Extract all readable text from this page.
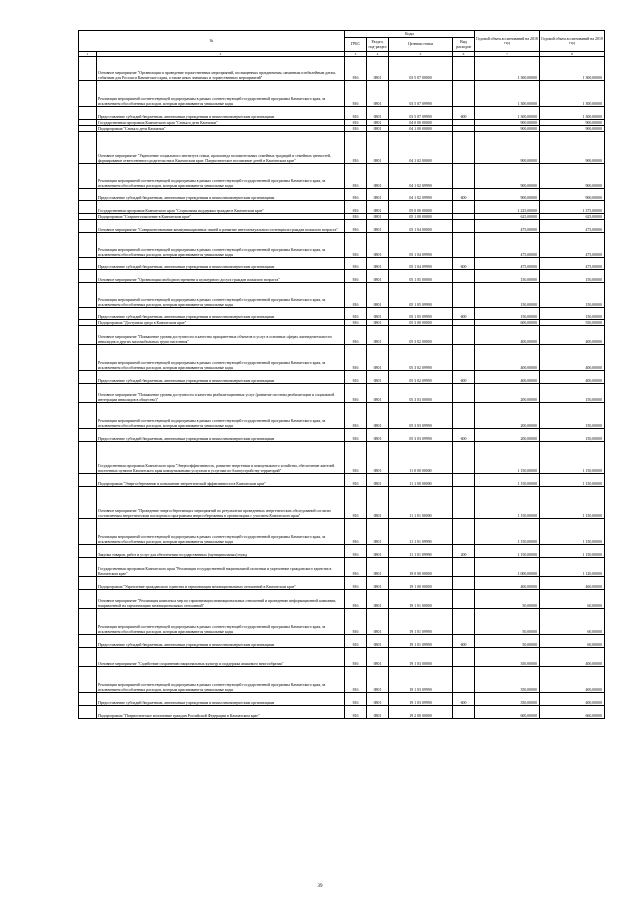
№		Коды				Годовой объем ассигнований на 2018 год	Годовой объем ассигнований на 2019 год
		ГРБС	Раздел, под-раздел	Целевая статья	Вид расходов		
1	2	3	4	5	6	7	8
	Основное мероприятие "Организация и проведение торжественных мероприятий, посвященных праздничным, памятным и юбилейным датам, событиям для России и Камчатского края, а также иных значимых и торжественных мероприятий"	816	0801	03 5 07 00000		1 300,00000	1 300,00000
	Реализация мероприятий соответствующей подпрограммы в рамках соответствующей государственной программы Камчатского края, за исключением обособленных расходов, которым присваиваются уникальные коды	816	0801	03 5 07 09990		1 300,00000	1 300,00000
	Предоставление субсидий бюджетным, автономным учреждениям и иным некоммерческим организациям	816	0801	03 5 07 09990	600	1 300,00000	1 300,00000
	Государственная программа Камчатского края "Семья и дети Камчатки"	816	0801	04 0 00 00000		900,00000	900,00000
	Подпрограмма "Семья и дети Камчатки"	816	0801	04 1 00 00000		900,00000	900,00000
	Основное мероприятие "Укрепление социального института семьи, пропаганда положительных семейных традиций и семейных ценностей, формирование ответственного родительства в Камчатском крае. Патриотическое воспитание детей в Камчатском крае"	816	0801	04 1 02 00000		900,00000	900,00000
	Реализация мероприятий соответствующей подпрограммы в рамках соответствующей государственной программы Камчатского края, за исключением обособленных расходов, которым присваиваются уникальные коды	816	0801	04 1 02 09990		900,00000	900,00000
	Предоставление субсидий бюджетным, автономным учреждениям и иным некоммерческим организациям	816	0801	04 1 02 09990	600	900,00000	900,00000
	Государственная программа Камчатского края "Социальная поддержка граждан в Камчатском крае"	816	0801	05 0 00 00000		1 225,00000	1 375,00000
	Подпрограмма "Старшее поколение в Камчатском крае"	816	0801	05 1 00 00000		625,00000	625,00000
	Основное мероприятие "Совершенствование коммуникационных связей и развитие интеллектуального потенциала граждан пожилого возраста"	816	0801	05 1 04 00000		475,00000	475,00000
	Реализация мероприятий соответствующей подпрограммы в рамках соответствующей государственной программы Камчатского края, за исключением обособленных расходов, которым присваиваются уникальные коды	816	0801	05 1 04 09990		475,00000	475,00000
	Предоставление субсидий бюджетным, автономным учреждениям и иным некоммерческим организациям	816	0801	05 1 04 09990	600	475,00000	475,00000
	Основное мероприятие "Организация свободного времени и культурного досуга граждан пожилого возраста"	816	0801	05 1 05 00000		150,00000	150,00000
	Реализация мероприятий соответствующей подпрограммы в рамках соответствующей государственной программы Камчатского края, за исключением обособленных расходов, которым присваиваются уникальные коды	816	0801	05 1 05 09990		150,00000	150,00000
	Предоставление субсидий бюджетным, автономным учреждениям и иным некоммерческим организациям	816	0801	05 1 05 09990	600	150,00000	150,00000
	Подпрограмма "Доступная среда в Камчатском крае"	816	0801	05 3 00 00000		600,00000	550,00000
	Основное мероприятие "Повышение уровня доступности и качества приоритетных объектов и услуг в основных сферах жизнедеятельности инвалидов и других маломобильных групп населения"	816	0801	05 3 02 00000		400,00000	400,00000
	Реализация мероприятий соответствующей подпрограммы в рамках соответствующей государственной программы Камчатского края, за исключением обособленных расходов, которым присваиваются уникальные коды	816	0801	05 3 02 09990		400,00000	400,00000
	Предоставление субсидий бюджетным, автономным учреждениям и иным некоммерческим организациям	816	0801	05 3 02 09990	600	400,00000	400,00000
	Основное мероприятие "Повышение уровня доступности и качества реабилитационных услуг (развитие системы реабилитации и социальной интеграции инвалидов в общество)"	816	0801	05 3 03 00000		200,00000	150,00000
	Реализация мероприятий соответствующей подпрограммы в рамках соответствующей государственной программы Камчатского края, за исключением обособленных расходов, которым присваиваются уникальные коды	816	0801	05 3 03 09990		200,00000	150,00000
	Предоставление субсидий бюджетным, автономным учреждениям и иным некоммерческим организациям	816	0801	05 3 03 09990	600	200,00000	150,00000
	Государственная программа Камчатского края "Энергоэффективность, развитие энергетики и коммунального хозяйства, обеспечение жителей населенных пунктов Камчатского края коммунальными услугами и услугами по благоустройству территорий"	816	0801	11 0 00 00000		1 150,00000	1 150,00000
	Подпрограмма "Энергосбережение и повышение энергетической эффективности в Камчатском крае"	816	0801	11 1 00 00000		1 150,00000	1 150,00000
	Основное мероприятие "Проведение энергосберегающих мероприятий по результатам проведенных энергетических обследований согласно составленным энергетическим паспортам и программам энергосбережения в организациях с участием Камчатского края"	816	0801	11 1 01 00000		1 150,00000	1 150,00000
	Реализация мероприятий соответствующей подпрограммы в рамках соответствующей государственной программы Камчатского края, за исключением обособленных расходов, которым присваиваются уникальные коды	816	0801	11 1 01 09990		1 150,00000	1 150,00000
	Закупка товаров, работ и услуг для обеспечения государственных (муниципальных) нужд	816	0801	11 1 01 09990	200	1 150,00000	1 150,00000
	Государственная программа Камчатского края "Реализация государственной национальной политики и укрепление гражданского единства в Камчатском крае"	816	0801	19 0 00 00000		1 000,00000	1 120,00000
	Подпрограмма "Укрепление гражданского единства и гармонизация межнациональных отношений в Камчатском крае"	816	0801	19 1 00 00000		400,00000	460,00000
	Основное мероприятие "Реализация комплекса мер по гармонизации межнациональных отношений и проведению информационной кампании, направленной на гармонизацию межнациональных отношений"	816	0801	19 1 01 00000		50,00000	60,00000
	Реализация мероприятий соответствующей подпрограммы в рамках соответствующей государственной программы Камчатского края, за исключением обособленных расходов, которым присваиваются уникальные коды	816	0801	19 1 01 09990		50,00000	60,00000
	Предоставление субсидий бюджетным, автономным учреждениям и иным некоммерческим организациям	816	0801	19 1 01 09990	600	50,00000	60,00000
	Основное мероприятие "Содействие сохранению национальных культур и поддержка языкового многообразия"	816	0801	19 1 03 00000		350,00000	400,00000
	Реализация мероприятий соответствующей подпрограммы в рамках соответствующей государственной программы Камчатского края, за исключением обособленных расходов, которым присваиваются уникальные коды	816	0801	19 1 03 09990		350,00000	400,00000
	Предоставление субсидий бюджетным, автономным учреждениям и иным некоммерческим организациям	816	0801	19 1 03 09990	600	350,00000	400,00000
	Подпрограмма "Патриотическое воспитание граждан Российской Федерации в Камчатском крае"	816	0801	19 2 00 00000		600,00000	660,00000
39
